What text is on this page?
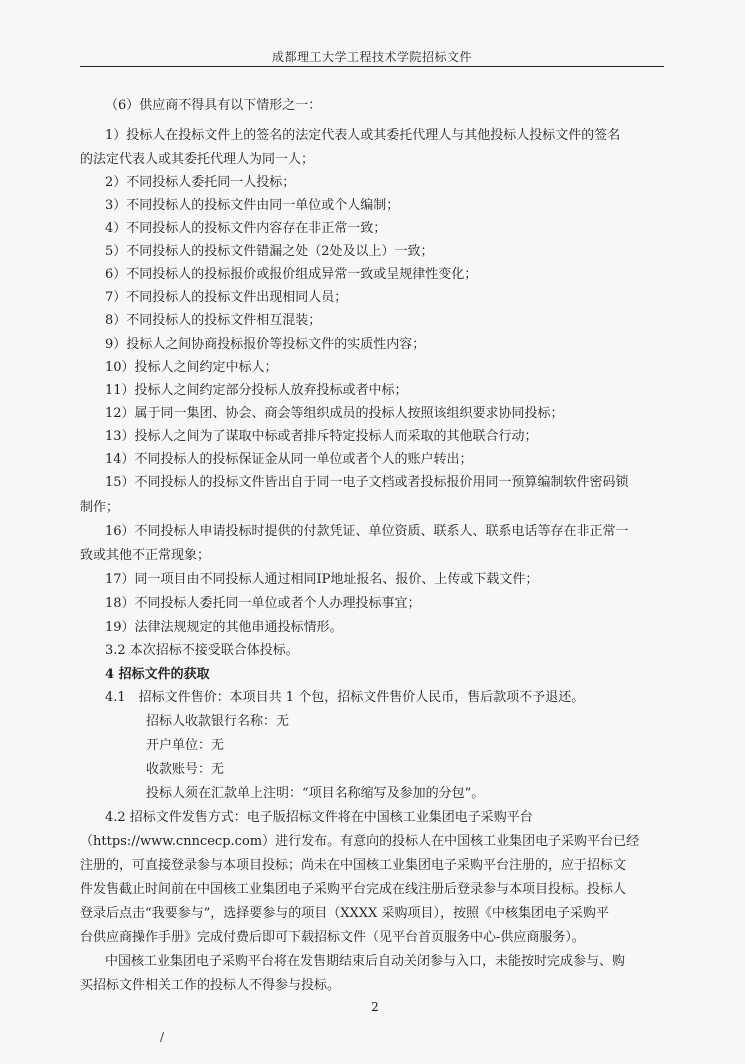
成都理工大学工程技术学院招标文件
（6）供应商不得具有以下情形之一：
1）投标人在投标文件上的签名的法定代表人或其委托代理人与其他投标人投标文件的签名
的法定代表人或其委托代理人为同一人；
2）不同投标人委托同一人投标；
3）不同投标人的投标文件由同一单位或个人编制；
4）不同投标人的投标文件内容存在非正常一致；
5）不同投标人的投标文件错漏之处（2处及以上）一致；
6）不同投标人的投标报价或报价组成异常一致或呈规律性变化；
7）不同投标人的投标文件出现相同人员；
8）不同投标人的投标文件相互混装；
9）投标人之间协商投标报价等投标文件的实质性内容；
10）投标人之间约定中标人；
11）投标人之间约定部分投标人放弃投标或者中标；
12）属于同一集团、协会、商会等组织成员的投标人按照该组织要求协同投标；
13）投标人之间为了谋取中标或者排斥特定投标人而采取的其他联合行动；
14）不同投标人的投标保证金从同一单位或者个人的账户转出；
15）不同投标人的投标文件皆出自于同一电子文档或者投标报价用同一预算编制软件密码锁
制作；
16）不同投标人申请投标时提供的付款凭证、单位资质、联系人、联系电话等存在非正常一
致或其他不正常现象；
17）同一项目由不同投标人通过相同IP地址报名、报价、上传或下载文件；
18）不同投标人委托同一单位或者个人办理投标事宜；
19）法律法规规定的其他串通投标情形。
3.2 本次招标不接受联合体投标。
4 招标文件的获取
4.1　招标文件售价：本项目共 1 个包，招标文件售价人民币，售后款项不予退还。
招标人收款银行名称：无
开户单位：无
收款账号：无
投标人须在汇款单上注明：“项目名称缩写及参加的分包”。
4.2 招标文件发售方式：电子版招标文件将在中国核工业集团电子采购平台
（https://www.cnncecp.com）进行发布。有意向的投标人在中国核工业集团电子采购平台已经
注册的，可直接登录参与本项目投标；尚未在中国核工业集团电子采购平台注册的，应于招标文
件发售截止时间前在中国核工业集团电子采购平台完成在线注册后登录参与本项目投标。投标人
登录后点击“我要参与”，选择要参与的项目（XXXX 采购项目），按照《中核集团电子采购平
台供应商操作手册》完成付费后即可下载招标文件（见平台首页服务中心-供应商服务）。
中国核工业集团电子采购平台将在发售期结束后自动关闭参与入口，未能按时完成参与、购
买招标文件相关工作的投标人不得参与投标。
2
/
